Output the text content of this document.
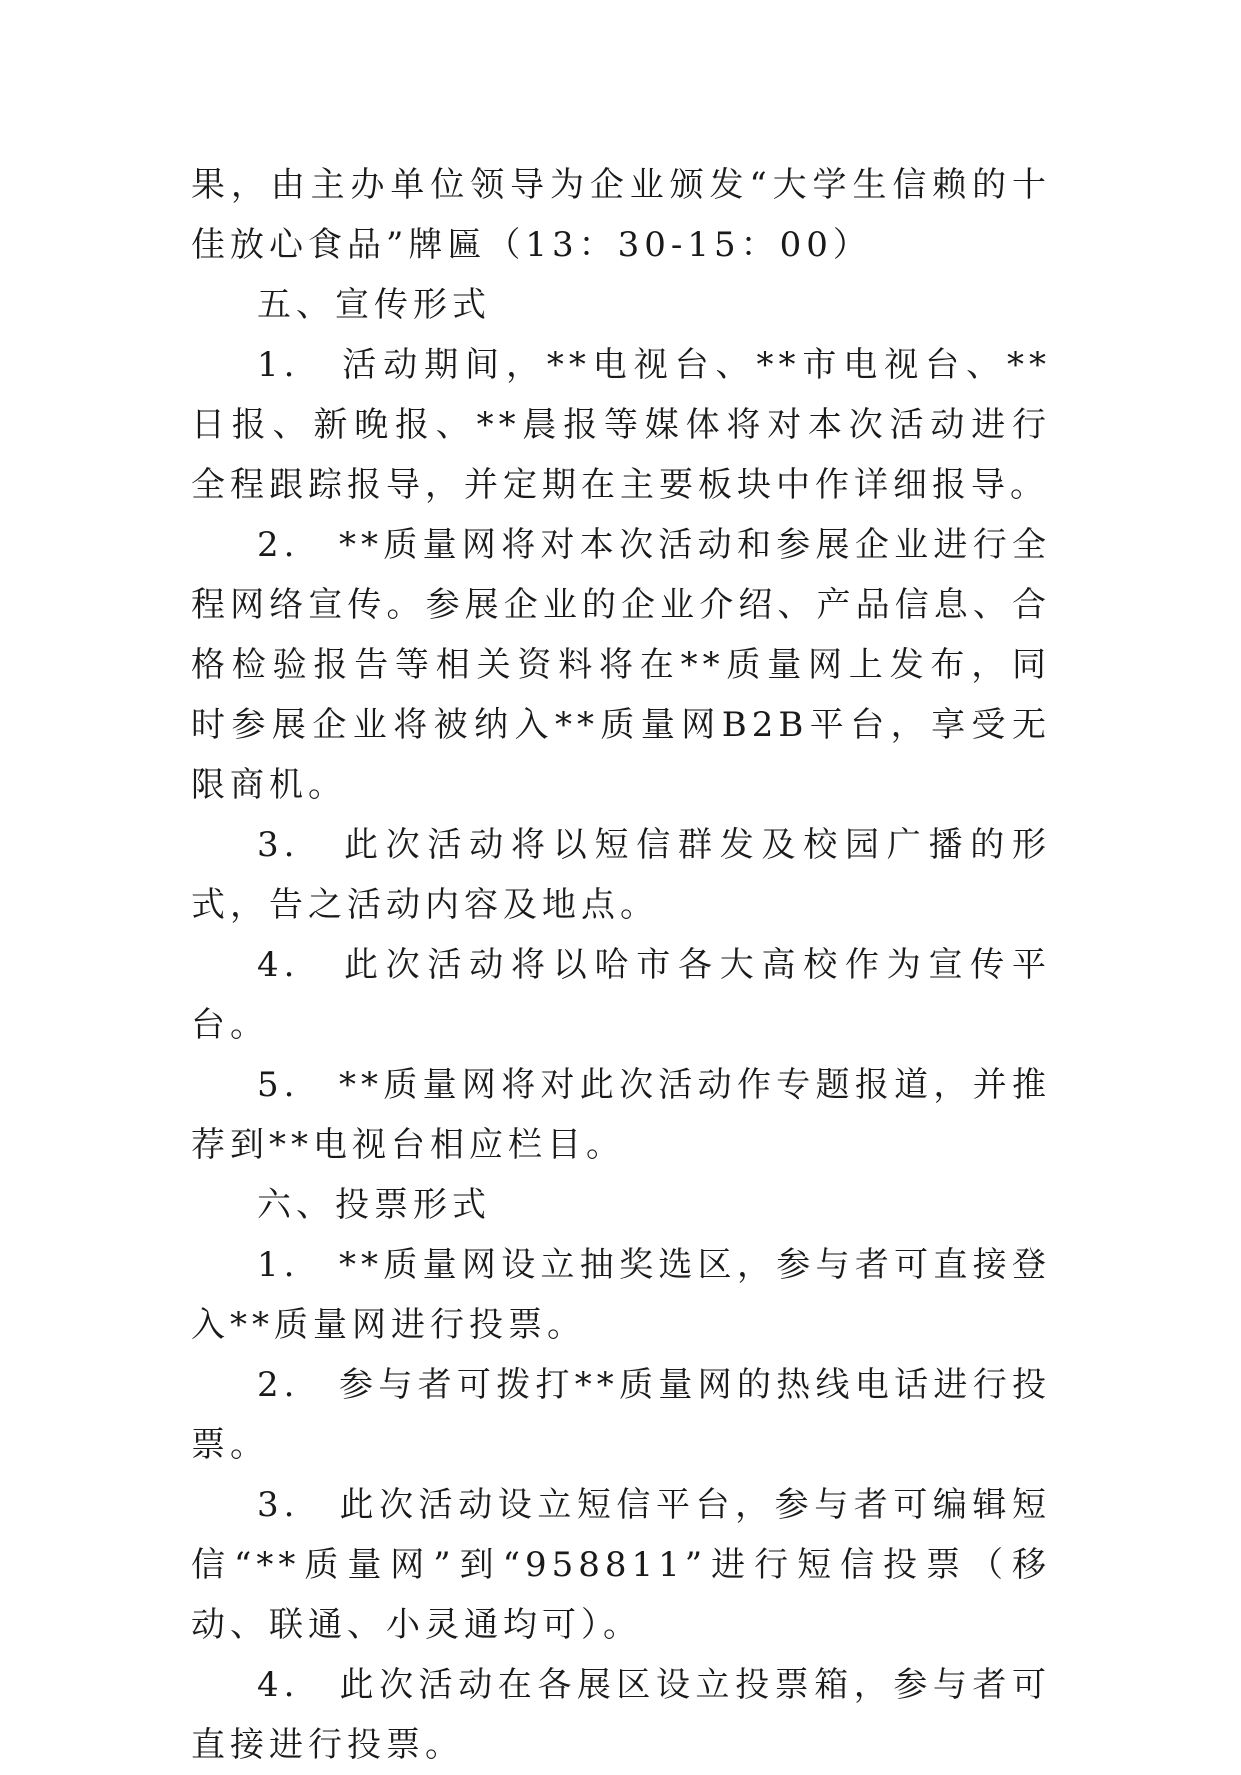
果，由主办单位领导为企业颁发“大学生信赖的十佳放心食品”牌匾（13：30-15：00）

五、宣传形式

1.　活动期间，**电视台、**市电视台、**日报、新晚报、**晨报等媒体将对本次活动进行全程跟踪报导，并定期在主要板块中作详细报导。

2.　**质量网将对本次活动和参展企业进行全程网络宣传。参展企业的企业介绍、产品信息、合格检验报告等相关资料将在**质量网上发布，同时参展企业将被纳入**质量网B2B平台，享受无限商机。

3.　此次活动将以短信群发及校园广播的形式，告之活动内容及地点。

4.　此次活动将以哈市各大高校作为宣传平台。

5.　**质量网将对此次活动作专题报道，并推荐到**电视台相应栏目。

六、投票形式

1.　**质量网设立抽奖选区，参与者可直接登入**质量网进行投票。

2.　参与者可拨打**质量网的热线电话进行投票。

3.　此次活动设立短信平台，参与者可编辑短信“**质量网”到“958811”进行短信投票（移动、联通、小灵通均可）。

4.　此次活动在各展区设立投票箱，参与者可直接进行投票。
